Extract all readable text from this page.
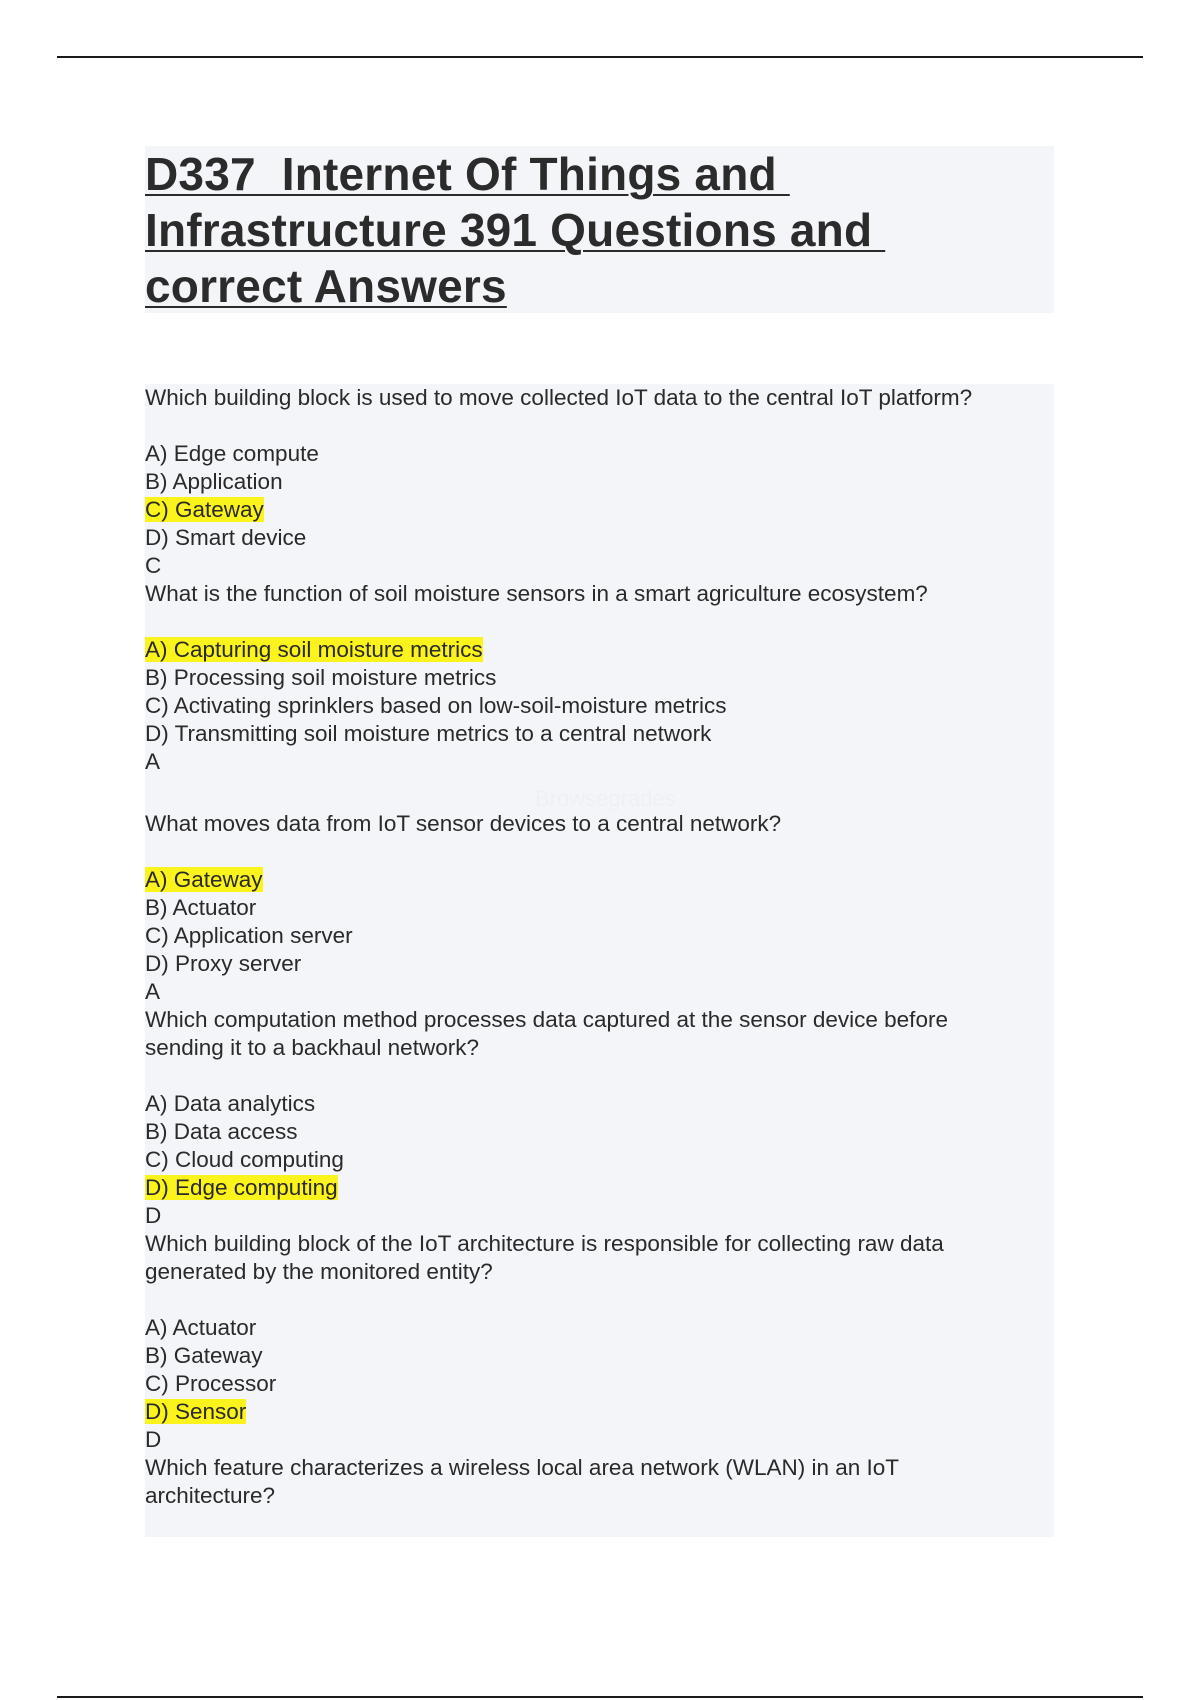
D337  Internet Of Things and
Infrastructure 391 Questions and
correct Answers
Which building block is used to move collected IoT data to the central IoT platform?
A) Edge compute
B) Application
C) Gateway
D) Smart device
C
What is the function of soil moisture sensors in a smart agriculture ecosystem?
A) Capturing soil moisture metrics
B) Processing soil moisture metrics
C) Activating sprinklers based on low-soil-moisture metrics
D) Transmitting soil moisture metrics to a central network
A
What moves data from IoT sensor devices to a central network?
A) Gateway
B) Actuator
C) Application server
D) Proxy server
A
Which computation method processes data captured at the sensor device before
sending it to a backhaul network?
A) Data analytics
B) Data access
C) Cloud computing
D) Edge computing
D
Which building block of the IoT architecture is responsible for collecting raw data
generated by the monitored entity?
A) Actuator
B) Gateway
C) Processor
D) Sensor
D
Which feature characterizes a wireless local area network (WLAN) in an IoT
architecture?
Browsegrades
